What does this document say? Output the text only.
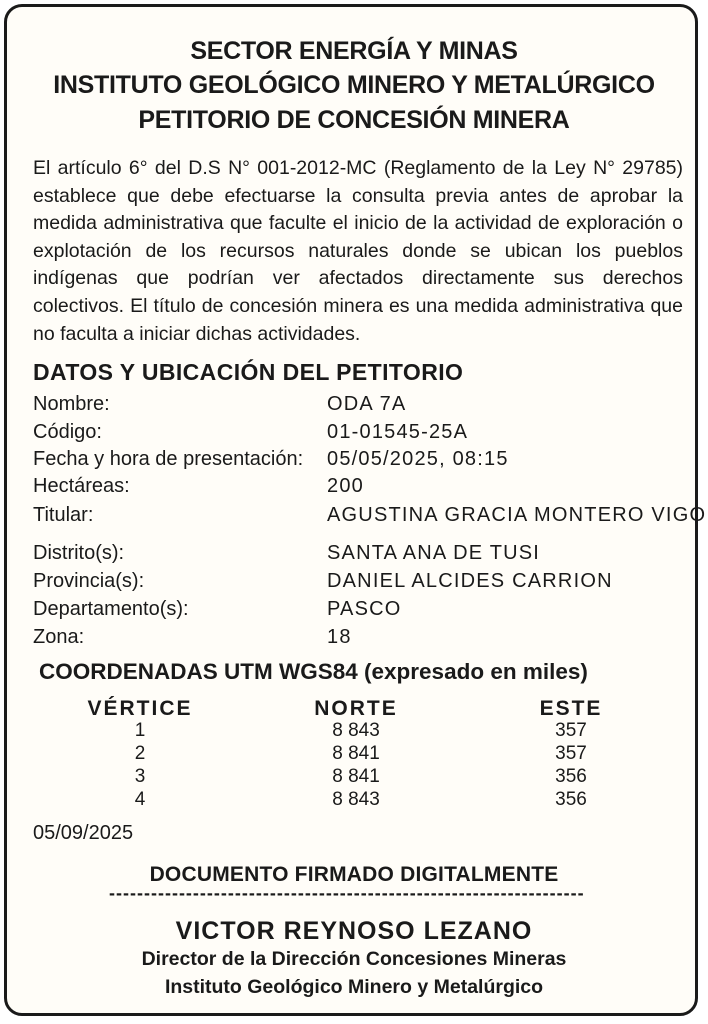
SECTOR ENERGÍA Y MINAS
INSTITUTO GEOLÓGICO MINERO Y METALÚRGICO
PETITORIO DE CONCESIÓN MINERA
El artículo 6° del D.S N° 001-2012-MC (Reglamento de la Ley N° 29785) establece que debe efectuarse la consulta previa antes de aprobar la medida administrativa que faculte el inicio de la actividad de exploración o explotación de los recursos naturales donde se ubican los pueblos indígenas que podrían ver afectados directamente sus derechos colectivos. El título de concesión minera es una medida administrativa que no faculta a iniciar dichas actividades.
DATOS Y UBICACIÓN DEL PETITORIO
Nombre:	ODA 7A
Código:	01-01545-25A
Fecha y hora de presentación: 05/05/2025, 08:15
Hectáreas:	200
Titular:	AGUSTINA GRACIA MONTERO VIGO
Distrito(s):	SANTA ANA DE TUSI
Provincia(s):	DANIEL ALCIDES CARRION
Departamento(s):	PASCO
Zona:	18
COORDENADAS UTM WGS84 (expresado en miles)
VÉRTICE	NORTE	ESTE
1	8 843	357
2	8 841	357
3	8 841	356
4	8 843	356
05/09/2025
DOCUMENTO FIRMADO DIGITALMENTE
--------------------------------------------------------------------
VICTOR REYNOSO LEZANO
Director de la Dirección Concesiones Mineras
Instituto Geológico Minero y Metalúrgico
